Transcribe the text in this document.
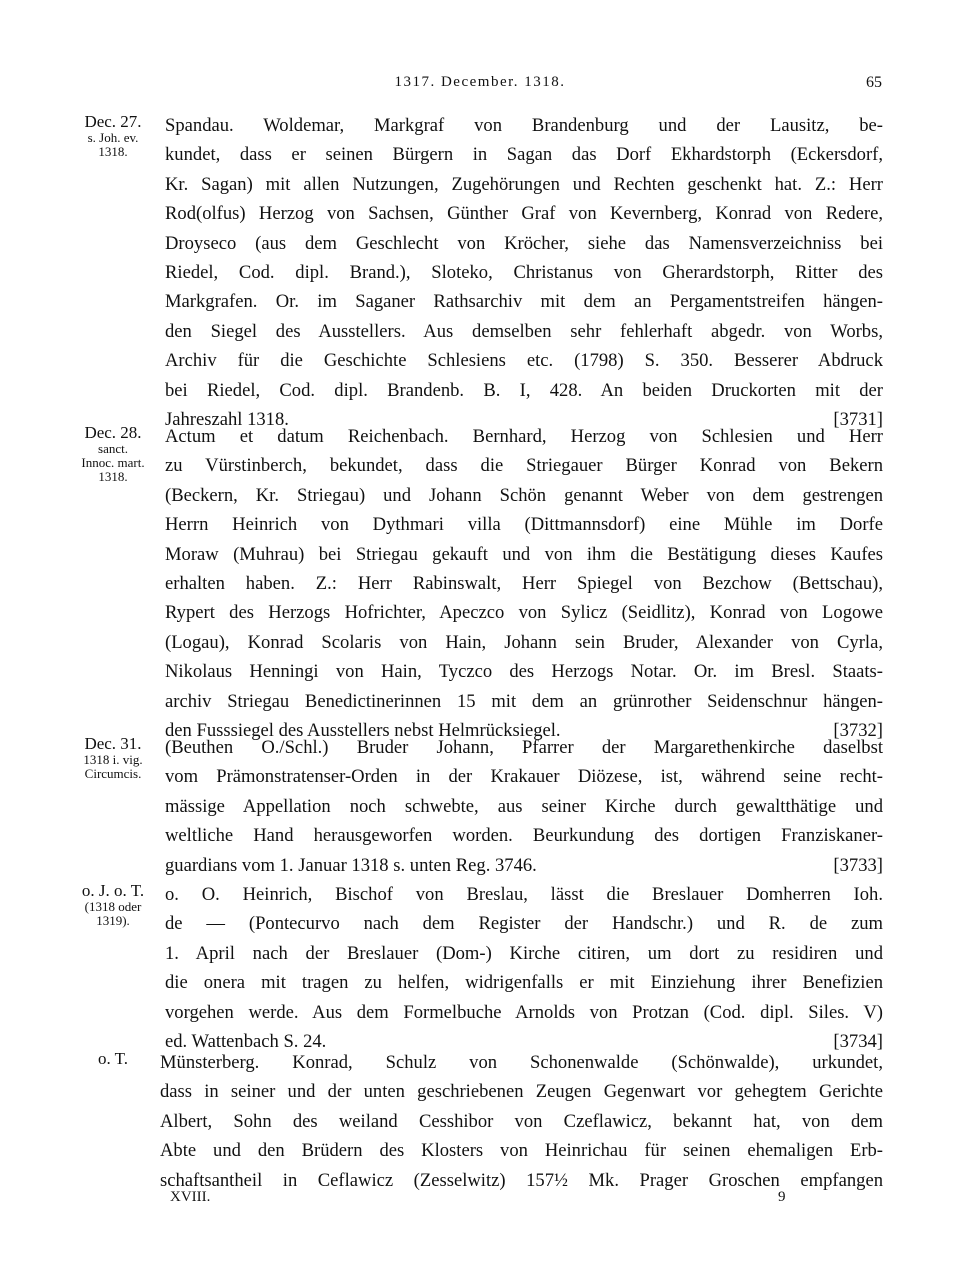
1317. December. 1318.	65
Dec. 27.
s. Joh. ev.
1318.
Spandau. Woldemar, Markgraf von Brandenburg und der Lausitz, be-
kundet, dass er seinen Bürgern in Sagan das Dorf Ekhardstorph (Eckersdorf,
Kr. Sagan) mit allen Nutzungen, Zugehörungen und Rechten geschenkt hat. Z.: Herr
Rod(olfus) Herzog von Sachsen, Günther Graf von Kevernberg, Konrad von Redere,
Droyseco (aus dem Geschlecht von Kröcher, siehe das Namensverzeichniss bei
Riedel, Cod. dipl. Brand.), Sloteko, Christanus von Gherardstorph, Ritter des
Markgrafen. Or. im Saganer Rathsarchiv mit dem an Pergamentstreifen hängen-
den Siegel des Ausstellers. Aus demselben sehr fehlerhaft abgedr. von Worbs,
Archiv für die Geschichte Schlesiens etc. (1798) S. 350. Besserer Abdruck
bei Riedel, Cod. dipl. Brandenb. B. I, 428. An beiden Druckorten mit der
Jahreszahl 1318.	[3731]
Dec. 28.
sanct.
Innoc. mart.
1318.
Actum et datum Reichenbach. Bernhard, Herzog von Schlesien und Herr
zu Vürstinberch, bekundet, dass die Striegauer Bürger Konrad von Bekern
(Beckern, Kr. Striegau) und Johann Schön genannt Weber von dem gestrengen
Herrn Heinrich von Dythmari villa (Dittmannsdorf) eine Mühle im Dorfe
Moraw (Muhrau) bei Striegau gekauft und von ihm die Bestätigung dieses Kaufes
erhalten haben. Z.: Herr Rabinswalt, Herr Spiegel von Bezchow (Bettschau),
Rypert des Herzogs Hofrichter, Apeczco von Sylicz (Seidlitz), Konrad von Logowe
(Logau), Konrad Scolaris von Hain, Johann sein Bruder, Alexander von Cyrla,
Nikolaus Henningi von Hain, Tyczco des Herzogs Notar. Or. im Bresl. Staats-
archiv Striegau Benedictinerinnen 15 mit dem an grünrother Seidenschnur hängen-
den Fusssiegel des Ausstellers nebst Helmrücksiegel.	[3732]
Dec. 31.
1318 i. vig.
Circumcis.
(Beuthen O./Schl.) Bruder Johann, Pfarrer der Margarethenkirche daselbst
vom Prämonstratenser-Orden in der Krakauer Diözese, ist, während seine recht-
mässige Appellation noch schwebte, aus seiner Kirche durch gewaltthätige und
weltliche Hand herausgeworfen worden. Beurkundung des dortigen Franziskaner-
guardians vom 1. Januar 1318 s. unten Reg. 3746.	[3733]
o. J. o. T.
(1318 oder
1319).
o. O. Heinrich, Bischof von Breslau, lässt die Breslauer Domherren Ioh.
de — (Pontecurvo nach dem Register der Handschr.) und R. de zum
1. April nach der Breslauer (Dom-) Kirche citiren, um dort zu residiren und
die onera mit tragen zu helfen, widrigenfalls er mit Einziehung ihrer Benefizien
vorgehen werde. Aus dem Formelbuche Arnolds von Protzan (Cod. dipl. Siles. V)
ed. Wattenbach S. 24.	[3734]
o. T.	Münsterberg. Konrad, Schulz von Schonenwalde (Schönwalde), urkundet,
dass in seiner und der unten geschriebenen Zeugen Gegenwart vor gehegtem Gerichte
Albert, Sohn des weiland Cesshibor von Czeflawicz, bekannt hat, von dem
Abte und den Brüdern des Klosters von Heinrichau für seinen ehemaligen Erb-
schaftsantheil in Ceflawicz (Zesselwitz) 157½ Mk. Prager Groschen empfangen
XVIII.	9
